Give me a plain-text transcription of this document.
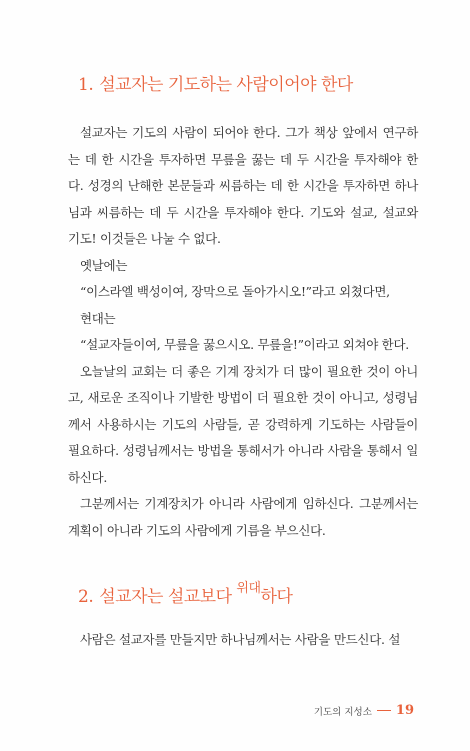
1. 설교자는 기도하는 사람이어야 한다

설교자는 기도의 사람이 되어야 한다. 그가 책상 앞에서 연구하는 데 한 시간을 투자하면 무릎을 꿇는 데 두 시간을 투자해야 한다. 성경의 난해한 본문들과 씨름하는 데 한 시간을 투자하면 하나님과 씨름하는 데 두 시간을 투자해야 한다. 기도와 설교, 설교와 기도! 이것들은 나눌 수 없다.

옛날에는

“이스라엘 백성이여, 장막으로 돌아가시오!”라고 외쳤다면,

현대는

“설교자들이여, 무릎을 꿇으시오. 무릎을!”이라고 외쳐야 한다.

오늘날의 교회는 더 좋은 기계 장치가 더 많이 필요한 것이 아니고, 새로운 조직이나 기발한 방법이 더 필요한 것이 아니고, 성령님께서 사용하시는 기도의 사람들, 곧 강력하게 기도하는 사람들이 필요하다. 성령님께서는 방법을 통해서가 아니라 사람을 통해서 일하신다.

그분께서는 기계장치가 아니라 사람에게 임하신다. 그분께서는 계획이 아니라 기도의 사람에게 기름을 부으신다.

2. 설교자는 설교보다 $^{위대}$하다

사람은 설교자를 만들지만 하나님께서는 사람을 만드신다. 설

기도의 지성소 19
